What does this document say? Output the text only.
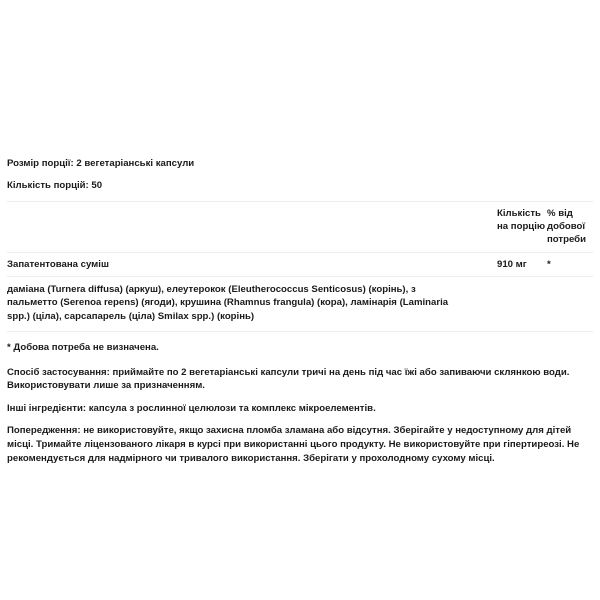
Розмір порції: 2 вегетаріанські капсули

Кількість порцій: 50

Кількість на порцію
% від добової потреби
Запатентована суміш	910 мг	*

даміана (Turnera diffusa) (аркуш), елеутерокок (Eleutherococcus Senticosus) (корінь), з пальметто (Serenoa repens) (ягоди), крушина (Rhamnus frangula) (кора), ламінарія (Laminaria spp.) (ціла), сарсапарель (ціла) Smilax spp.) (корінь)

* Добова потреба не визначена.

Спосіб застосування: приймайте по 2 вегетаріанські капсули тричі на день під час їжі або запиваючи склянкою води. Використовувати лише за призначенням.

Інші інгредієнти: капсула з рослинної целюлози та комплекс мікроелементів.

Попередження: не використовуйте, якщо захисна пломба зламана або відсутня. Зберігайте у недоступному для дітей місці. Тримайте ліцензованого лікаря в курсі при використанні цього продукту. Не використовуйте при гіпертиреозі. Не рекомендується для надмірного чи тривалого використання. Зберігати у прохолодному сухому місці.
